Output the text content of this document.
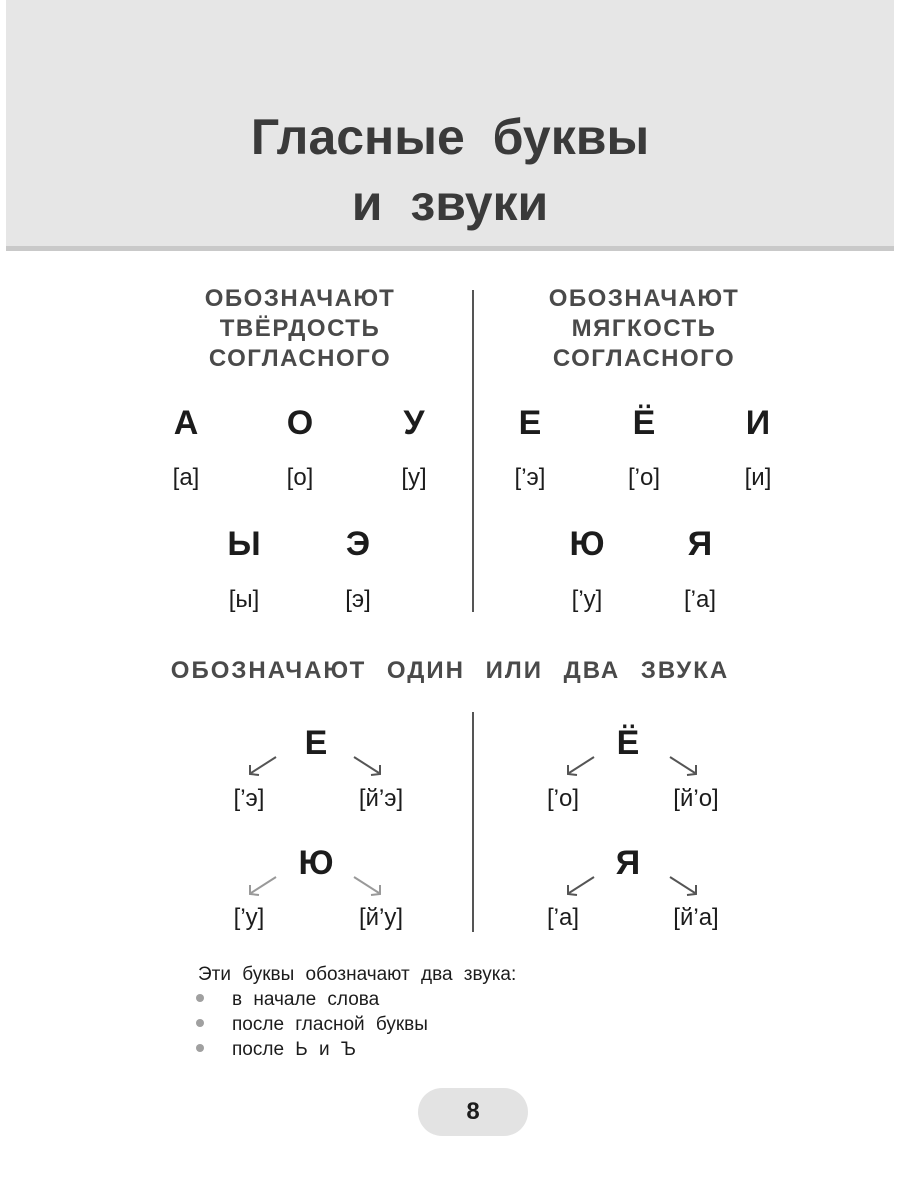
Гласные буквы
и звуки
ОБОЗНАЧАЮТ
ТВЁРДОСТЬ
СОГЛАСНОГО
ОБОЗНАЧАЮТ
МЯГКОСТЬ
СОГЛАСНОГО
А	О	У
[а]	[о]	[у]
Ы	Э
[ы]	[э]
Е	Ё	И
[’э]	[’о]	[и]
Ю	Я
[’у]	[’а]
ОБОЗНАЧАЮТ ОДИН ИЛИ ДВА ЗВУКА
Е
[’э]	[й’э]
Ё
[’о]	[й’о]
Ю
[’у]	[й’у]
Я
[’а]	[й’а]
Эти буквы обозначают два звука:
в начале слова
после гласной буквы
после Ь и Ъ
8
